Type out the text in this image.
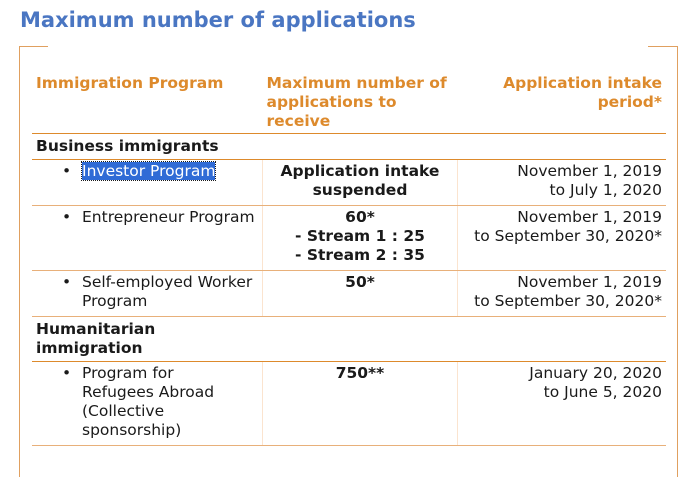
Maximum number of applications
Immigration Program	Maximum number of applications to receive	Application intake period*
Business immigrants		

• Investor Program	Application intake suspended	November 1, 2019
to July 1, 2020

• Entrepreneur Program	60*
- Stream 1 : 25
- Stream 2 : 35	November 1, 2019
to September 30, 2020*

• Self-employed Worker Program	50*	November 1, 2019
to September 30, 2020*

Humanitarian immigration		

• Program for Refugees Abroad (Collective sponsorship)	750**	January 20, 2020
to June 5, 2020
